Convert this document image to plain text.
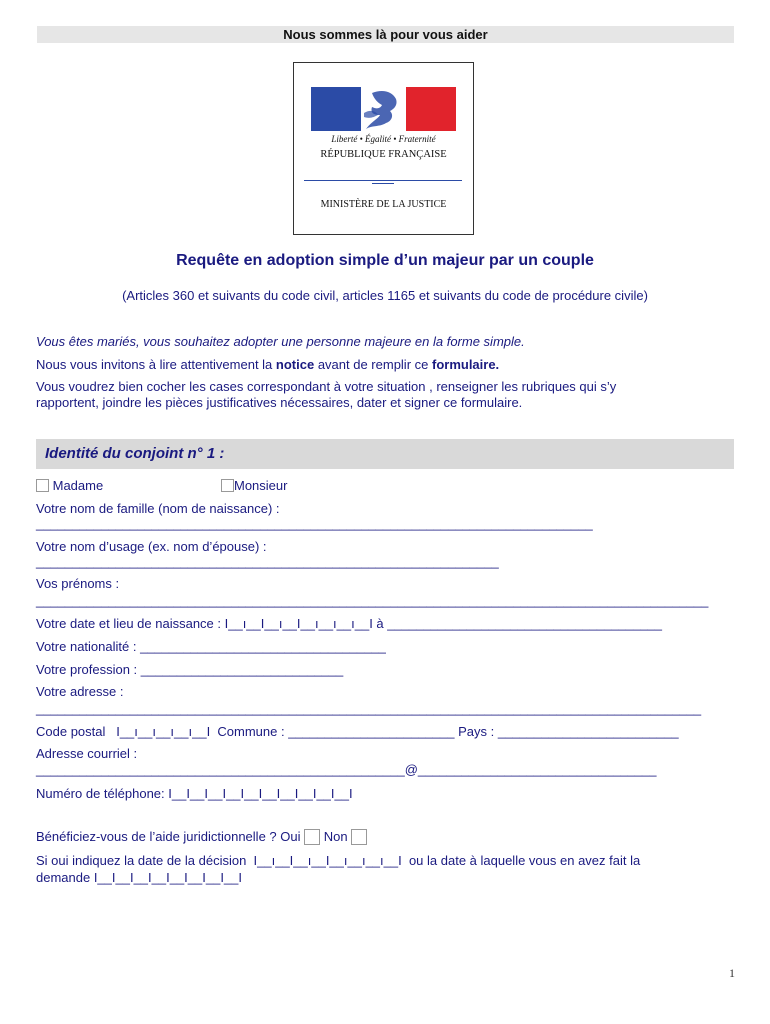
Nous sommes là pour vous aider
Liberté • Égalité • Fraternité
RÉPUBLIQUE FRANÇAISE
MINISTÈRE DE LA JUSTICE
Requête en adoption simple d’un majeur par un couple
(Articles 360 et suivants du code civil, articles 1165 et suivants du code de procédure civile)
Vous êtes mariés, vous souhaitez adopter une personne majeure en la forme simple.
Nous vous invitons à lire attentivement la notice avant de remplir ce formulaire.
Vous voudrez bien cocher les cases correspondant à votre situation , renseigner les rubriques qui s’y
rapportent, joindre les pièces justificatives nécessaires, dater et signer ce formulaire.
Identité du conjoint n° 1 :
Madame	Monsieur
Votre nom de famille (nom de naissance) :
_____________________________________________________________________________
Votre nom d’usage (ex. nom d’épouse) :
________________________________________________________________
Vos prénoms :
_____________________________________________________________________________________________
Votre date et lieu de naissance : I__ı__I__ı__I__ı__ı__ı__I à ______________________________________
Votre nationalité : __________________________________
Votre profession : ____________________________
Votre adresse :
____________________________________________________________________________________________
Code postal   I__ı__ı__ı__ı__I  Commune : _______________________ Pays : _________________________
Adresse courriel :
___________________________________________________@_________________________________
Numéro de téléphone: I__I__I__I__I__I__I__I__I__I__I
Bénéficiez-vous de l’aide juridictionnelle ? Oui Non
Si oui indiquez la date de la décision  I__ı__I__ı__I__ı__ı__ı__I  ou la date à laquelle vous en avez fait la
demande I__I__I__I__I__I__I__I__I
1
